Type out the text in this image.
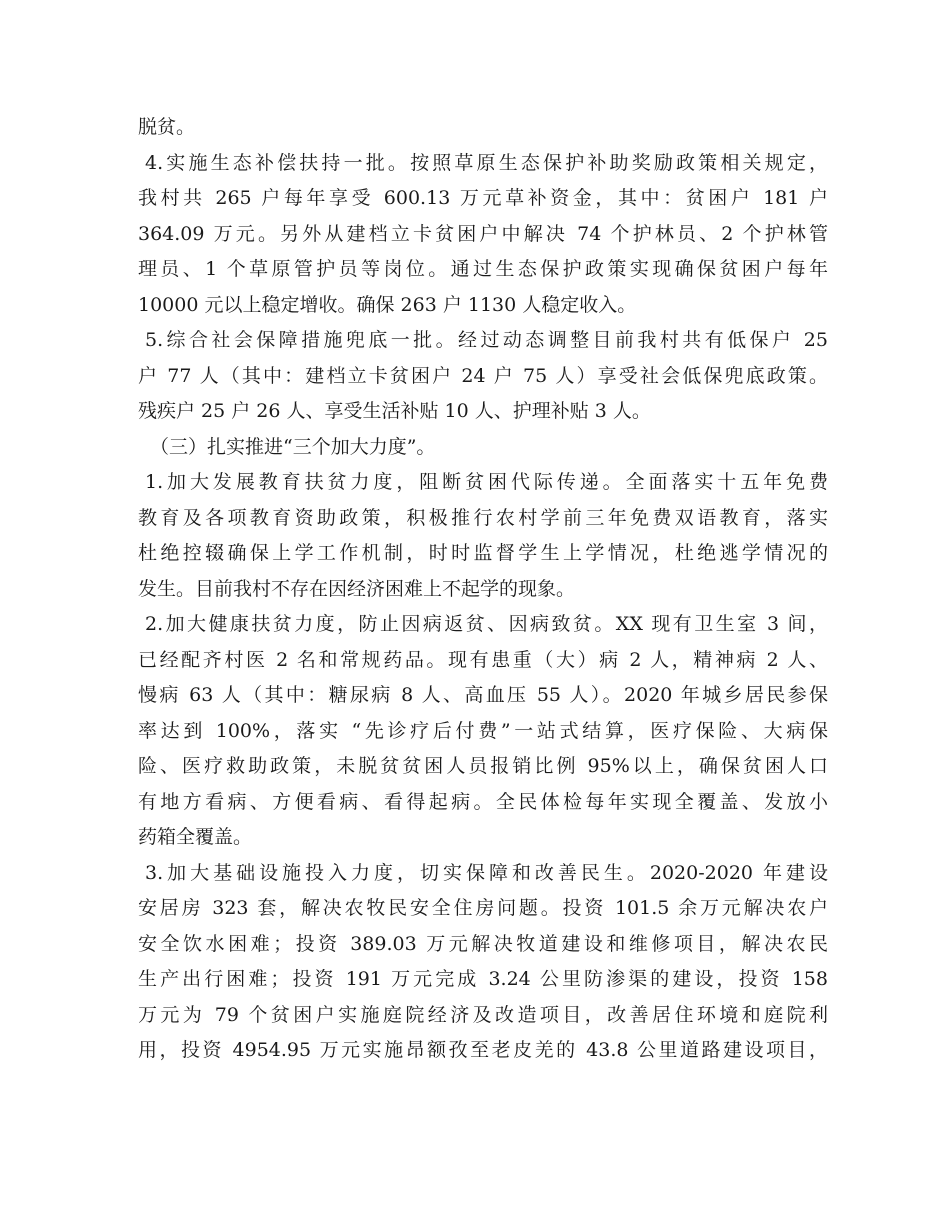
脱贫。
4.实施生态补偿扶持一批。按照草原生态保护补助奖励政策相关规定，
我村共 265 户每年享受 600.13 万元草补资金，其中：贫困户 181 户
364.09 万元。另外从建档立卡贫困户中解决 74 个护林员、2 个护林管
理员、1 个草原管护员等岗位。通过生态保护政策实现确保贫困户每年
10000 元以上稳定增收。确保 263 户 1130 人稳定收入。
5.综合社会保障措施兜底一批。经过动态调整目前我村共有低保户 25
户 77 人（其中：建档立卡贫困户 24 户 75 人）享受社会低保兜底政策。
残疾户 25 户 26 人、享受生活补贴 10 人、护理补贴 3 人。
（三）扎实推进“三个加大力度”。
1.加大发展教育扶贫力度，阻断贫困代际传递。全面落实十五年免费
教育及各项教育资助政策，积极推行农村学前三年免费双语教育，落实
杜绝控辍确保上学工作机制，时时监督学生上学情况，杜绝逃学情况的
发生。目前我村不存在因经济困难上不起学的现象。
2.加大健康扶贫力度，防止因病返贫、因病致贫。XX 现有卫生室 3 间，
已经配齐村医 2 名和常规药品。现有患重（大）病 2 人，精神病 2 人、
慢病 63 人（其中：糖尿病 8 人、高血压 55 人）。2020 年城乡居民参保
率达到 100%，落实 “先诊疗后付费”一站式结算，医疗保险、大病保
险、医疗救助政策，未脱贫贫困人员报销比例 95%以上，确保贫困人口
有地方看病、方便看病、看得起病。全民体检每年实现全覆盖、发放小
药箱全覆盖。
3.加大基础设施投入力度，切实保障和改善民生。2020-2020 年建设
安居房 323 套，解决农牧民安全住房问题。投资 101.5 余万元解决农户
安全饮水困难；投资 389.03 万元解决牧道建设和维修项目，解决农民
生产出行困难；投资 191 万元完成 3.24 公里防渗渠的建设，投资 158
万元为 79 个贫困户实施庭院经济及改造项目，改善居住环境和庭院利
用，投资 4954.95 万元实施昂额孜至老皮羌的 43.8 公里道路建设项目，
